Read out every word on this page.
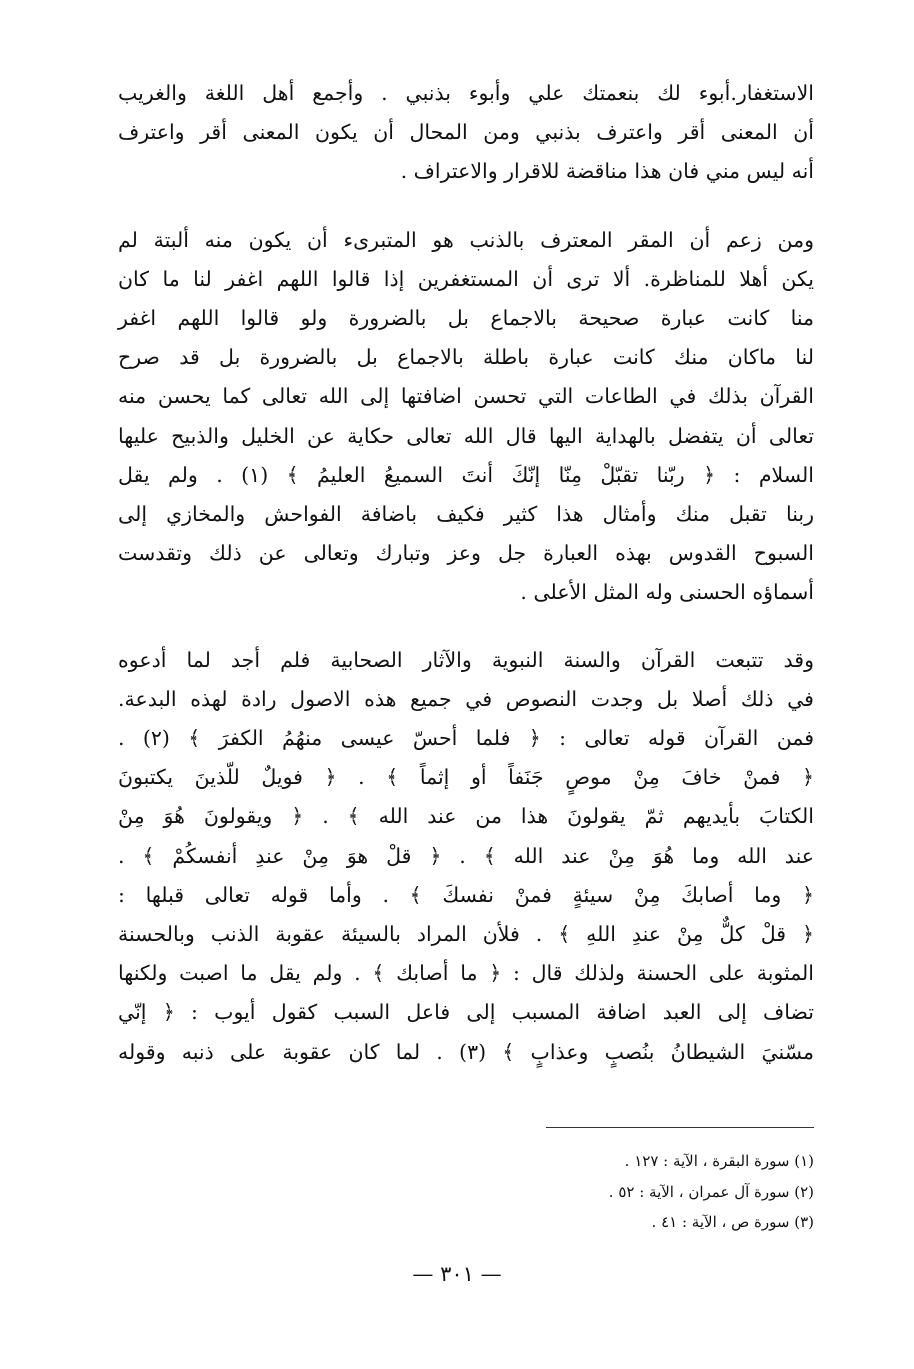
الاستغفار.أبوء لك بنعمتك علي وأبوء بذنبي . وأجمع أهل اللغة والغريب

أن المعنى أقر واعترف بذنبي ومن المحال أن يكون المعنى أقر واعترف

أنه ليس مني فان هذا مناقضة للاقرار والاعتراف .

ومن زعم أن المقر المعترف بالذنب هو المتبرىء أن يكون منه ألبتة لم

يكن أهلا للمناظرة. ألا ترى أن المستغفرين إذا قالوا اللهم اغفر لنا ما كان

منا كانت عبارة صحيحة بالاجماع بل بالضرورة ولو قالوا اللهم اغفر

لنا ماكان منك كانت عبارة باطلة بالاجماع بل بالضرورة بل قد صرح

القرآن بذلك في الطاعات التي تحسن اضافتها إلى الله تعالى كما يحسن منه

تعالى أن يتفضل بالهداية اليها قال الله تعالى حكاية عن الخليل والذبيح عليها

السلام : ﴿ ربّنا تقبّلْ مِنّا إنّكَ أنتَ السميعُ العليمُ ﴾ (١) . ولم يقل

ربنا تقبل منك وأمثال هذا كثير فكيف باضافة الفواحش والمخازي إلى

السبوح القدوس بهذه العبارة جل وعز وتبارك وتعالى عن ذلك وتقدست

أسماؤه الحسنى وله المثل الأعلى .

وقد تتبعت القرآن والسنة النبوية والآثار الصحابية فلم أجد لما أدعوه

في ذلك أصلا بل وجدت النصوص في جميع هذه الاصول رادة لهذه البدعة.

فمن القرآن قوله تعالى : ﴿ فلما أحسّ عيسى منهُمُ الكفرَ ﴾ (٢) .

﴿ فمنْ خافَ مِنْ موصٍ جَنَفاً أو إثماً ﴾ . ﴿ فويلٌ للّذينَ يكتبونَ

الكتابَ بأيديهم ثمّ يقولونَ هذا من عند الله ﴾ . ﴿ ويقولونَ هُوَ مِنْ

عند الله وما هُوَ مِنْ عند الله ﴾ . ﴿ قلْ هوَ مِنْ عندِ أنفسكُمْ ﴾ .

﴿ وما أصابكَ مِنْ سيئةٍ فمنْ نفسكَ ﴾ . وأما قوله تعالى قبلها :

﴿ قلْ كلٌّ مِنْ عندِ اللهِ ﴾ . فلأن المراد بالسيئة عقوبة الذنب وبالحسنة

المثوبة على الحسنة ولذلك قال : ﴿ ما أصابك ﴾ . ولم يقل ما اصبت ولكنها

تضاف إلى العبد اضافة المسبب إلى فاعل السبب كقول أيوب : ﴿ إنّي

مسّنيَ الشيطانُ بنُصبٍ وعذابٍ ﴾ (٣) . لما كان عقوبة على ذنبه وقوله

(١) سورة البقرة ، الآية : ١٢٧ .

(٢) سورة آل عمران ، الآية : ٥٢ .

(٣) سورة ص ، الآية : ٤١ .

— ٣٠١ —
